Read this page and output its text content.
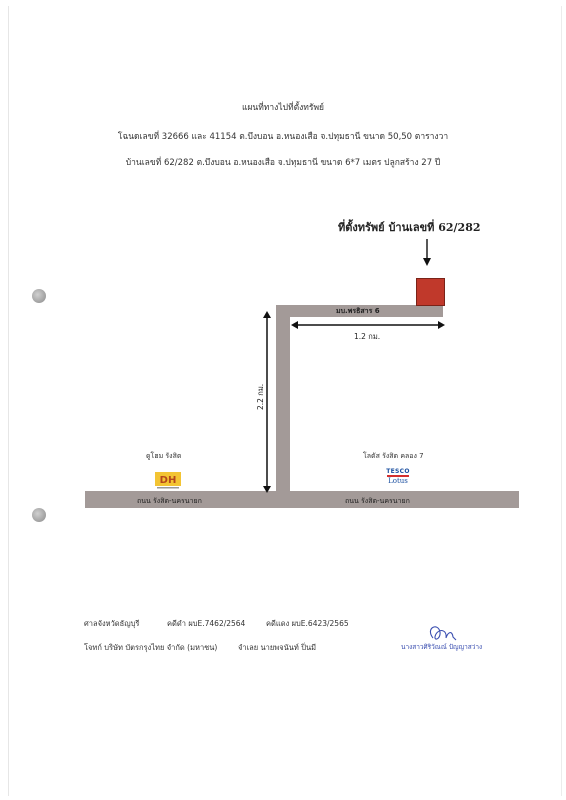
แผนที่ทางไปที่ตั้งทรัพย์
โฉนดเลขที่ 32666 และ 41154 ต.บึงบอน อ.หนองเสือ จ.ปทุมธานี ขนาด 50,50 ตารางวา
บ้านเลขที่ 62/282 ต.บึงบอน อ.หนองเสือ จ.ปทุมธานี ขนาด 6*7 เมตร ปลูกสร้าง 27 ปี
ที่ตั้งทรัพย์ บ้านเลขที่ 62/282
มบ.พรธิสาร 6
ถนน รังสิต-นครนายก	ถนน รังสิต-นครนายก
1.2 กม.
2.2 กม.
ดูโฮม รังสิต
DH
โลตัส รังสิต คลอง 7
TESCO
Lotus
ศาลจังหวัดธัญบุรี	คดีดำ ผบE.7462/2564	คดีแดง ผบE.6423/2565
โจทก์ บริษัท บัตรกรุงไทย จำกัด (มหาชน)	จำเลย นายพจนันท์ ปิ่นมี	นางสาวศิริวัณณ์ ปัญญาสว่าง
